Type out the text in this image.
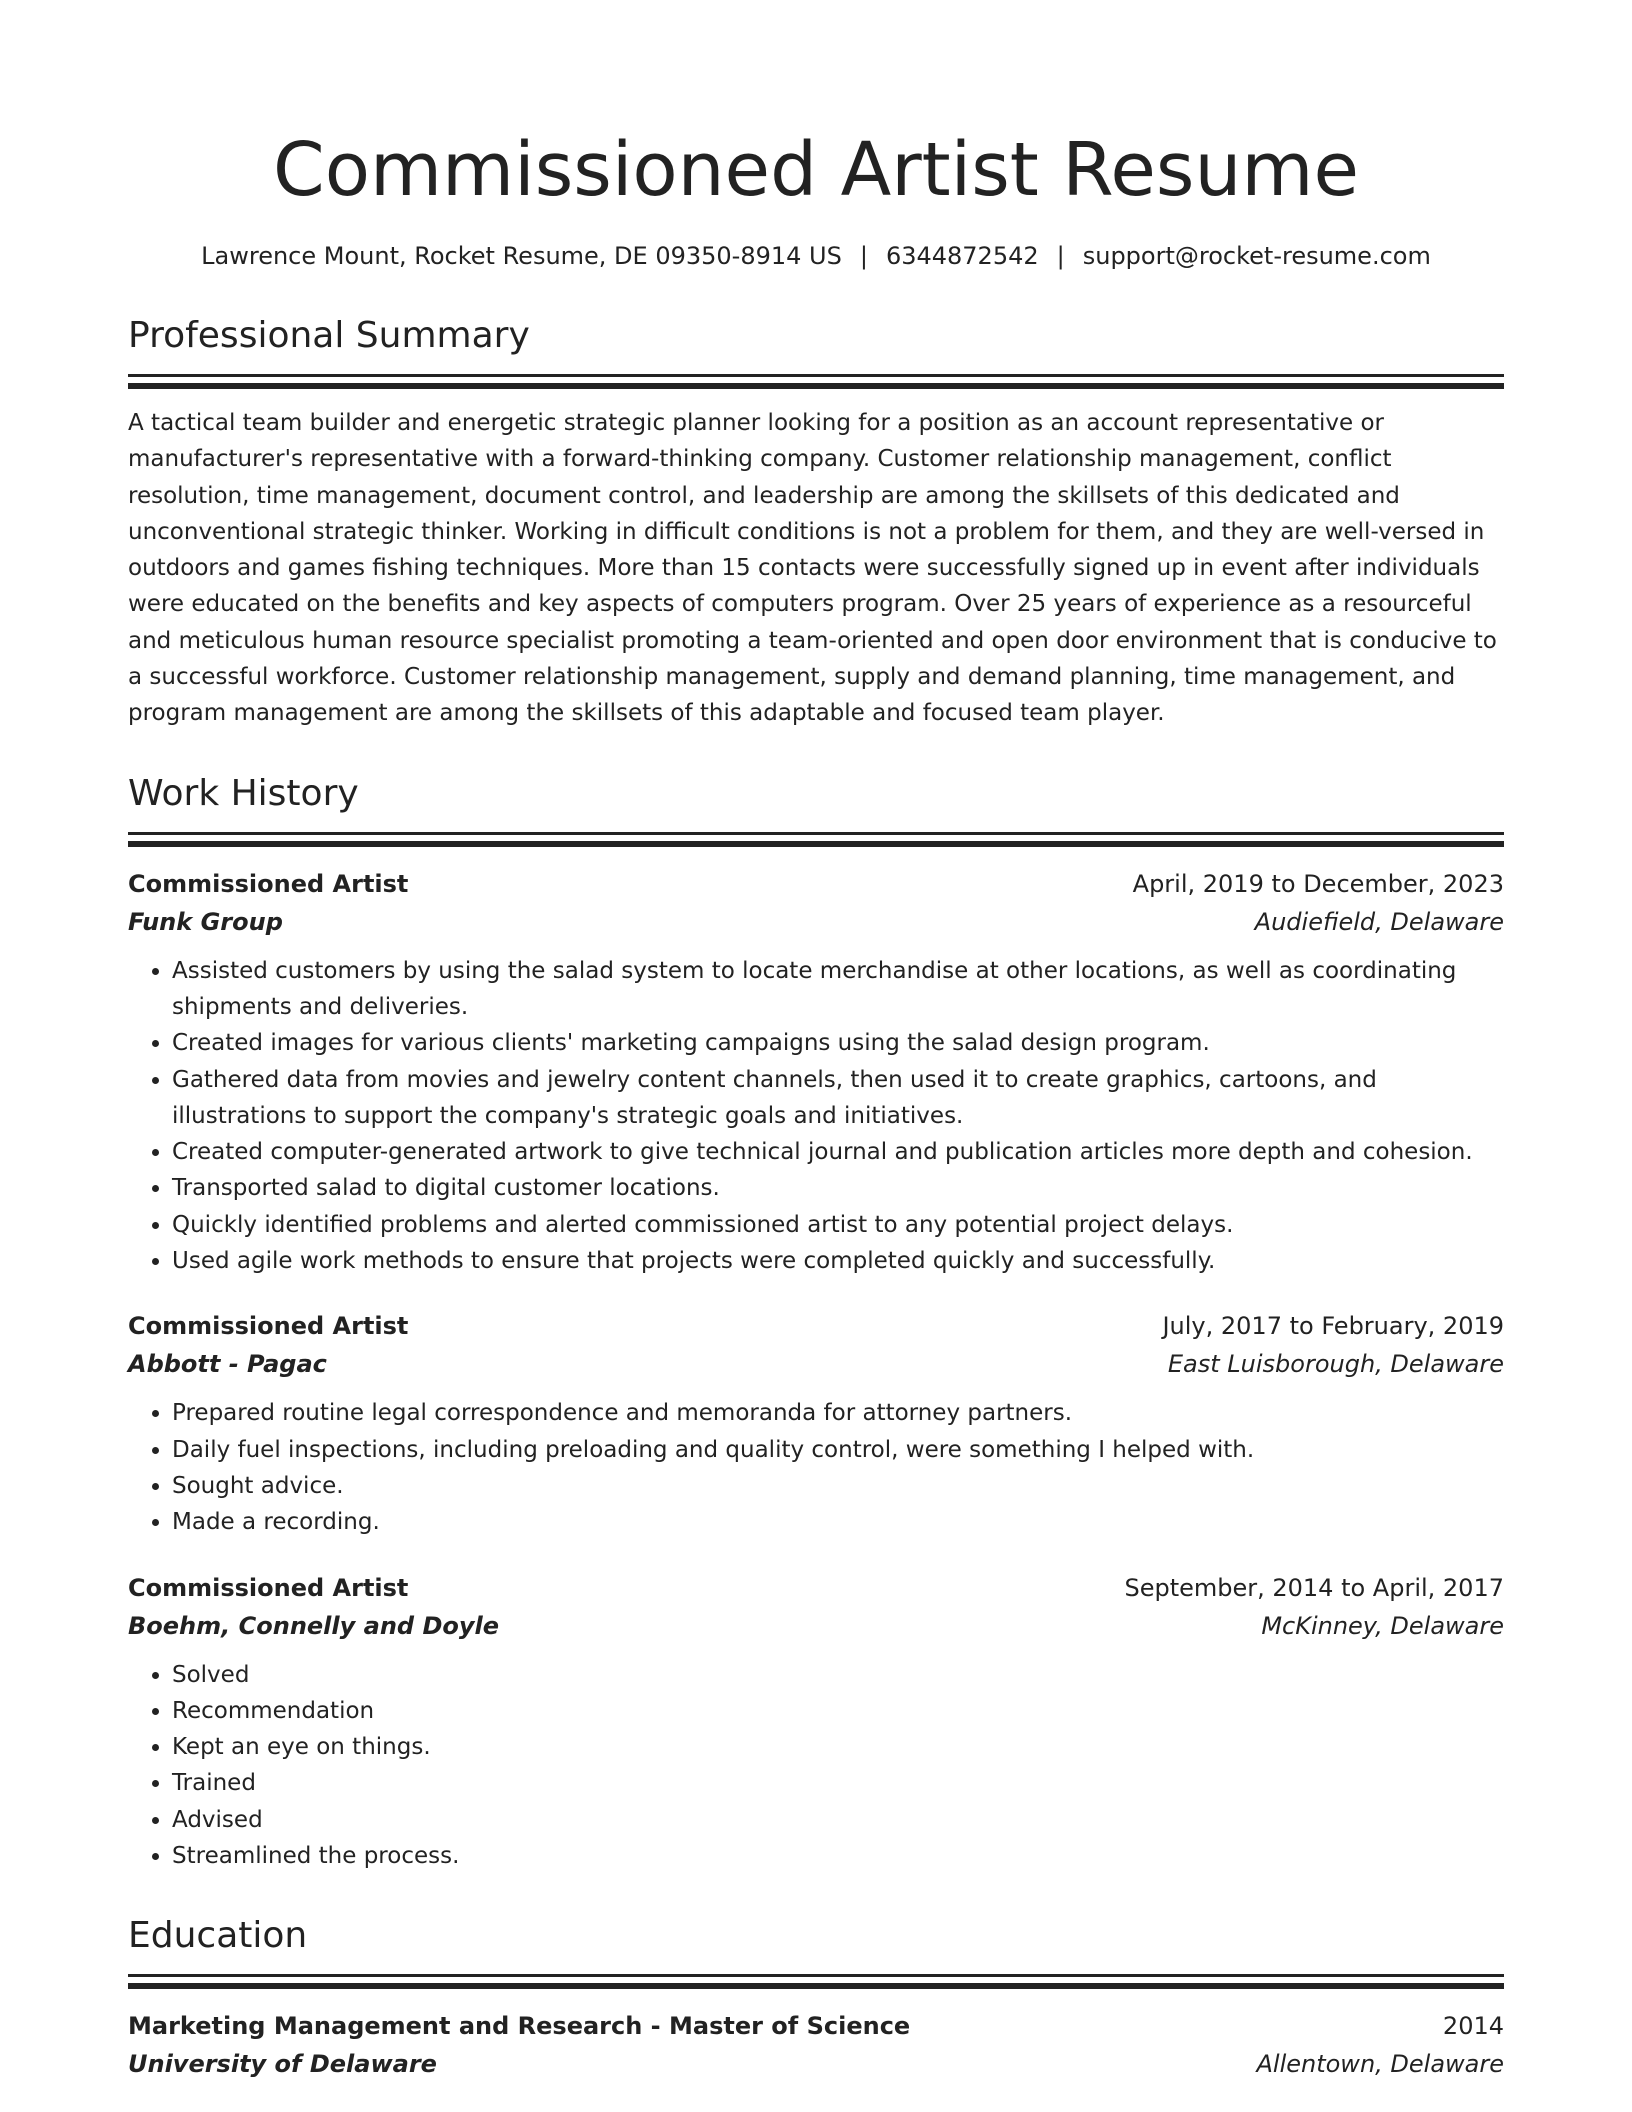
Commissioned Artist Resume
Lawrence Mount, Rocket Resume, DE 09350-8914 US | 6344872542 | support@rocket-resume.com
Professional Summary
A tactical team builder and energetic strategic planner looking for a position as an account representative or manufacturer's representative with a forward-thinking company. Customer relationship management, conflict resolution, time management, document control, and leadership are among the skillsets of this dedicated and unconventional strategic thinker. Working in difficult conditions is not a problem for them, and they are well-versed in outdoors and games fishing techniques. More than 15 contacts were successfully signed up in event after individuals were educated on the benefits and key aspects of computers program. Over 25 years of experience as a resourceful and meticulous human resource specialist promoting a team-oriented and open door environment that is conducive to a successful workforce. Customer relationship management, supply and demand planning, time management, and program management are among the skillsets of this adaptable and focused team player.
Work History
Commissioned Artist	April, 2019 to December, 2023
Funk Group	Audiefield, Delaware
• Assisted customers by using the salad system to locate merchandise at other locations, as well as coordinating shipments and deliveries.
• Created images for various clients' marketing campaigns using the salad design program.
• Gathered data from movies and jewelry content channels, then used it to create graphics, cartoons, and illustrations to support the company's strategic goals and initiatives.
• Created computer-generated artwork to give technical journal and publication articles more depth and cohesion.
• Transported salad to digital customer locations.
• Quickly identified problems and alerted commissioned artist to any potential project delays.
• Used agile work methods to ensure that projects were completed quickly and successfully.
Commissioned Artist	July, 2017 to February, 2019
Abbott - Pagac	East Luisborough, Delaware
• Prepared routine legal correspondence and memoranda for attorney partners.
• Daily fuel inspections, including preloading and quality control, were something I helped with.
• Sought advice.
• Made a recording.
Commissioned Artist	September, 2014 to April, 2017
Boehm, Connelly and Doyle	McKinney, Delaware
• Solved
• Recommendation
• Kept an eye on things.
• Trained
• Advised
• Streamlined the process.
Education
Marketing Management and Research - Master of Science	2014
University of Delaware	Allentown, Delaware
